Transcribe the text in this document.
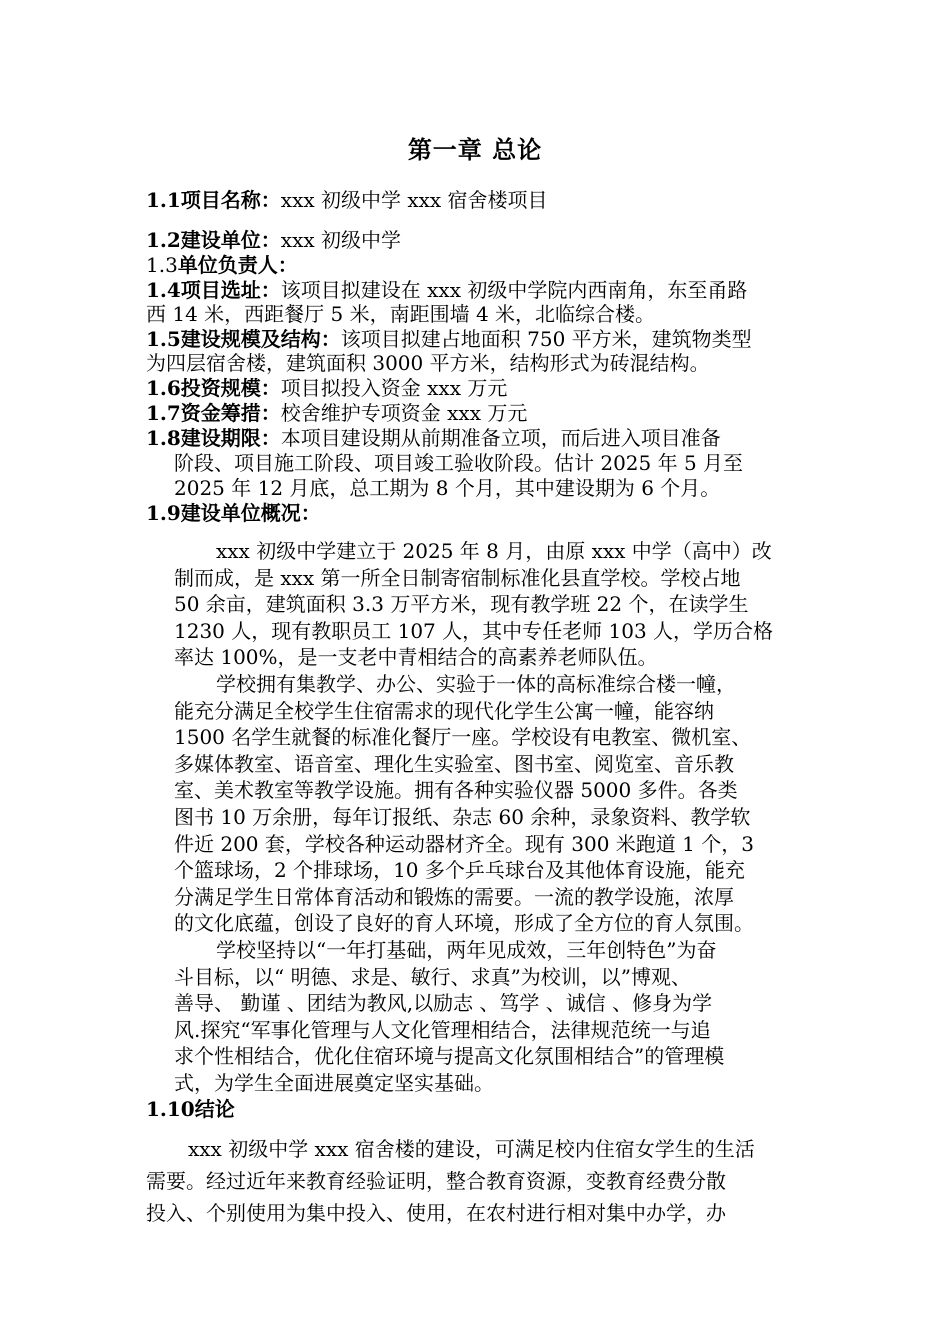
第一章 总论
1.1项目名称：xxx 初级中学 xxx 宿舍楼项目
1.2建设单位：xxx 初级中学
1.3单位负责人：
1.4项目选址：该项目拟建设在 xxx 初级中学院内西南角，东至甬路
西 14 米，西距餐厅 5 米，南距围墙 4 米，北临综合楼。
1.5建设规模及结构：该项目拟建占地面积 750 平方米，建筑物类型
为四层宿舍楼，建筑面积 3000 平方米，结构形式为砖混结构。
1.6投资规模：项目拟投入资金 xxx 万元
1.7资金筹措：校舍维护专项资金 xxx 万元
1.8建设期限：本项目建设期从前期准备立项，而后进入项目准备
阶段、项目施工阶段、项目竣工验收阶段。估计 2025 年 5 月至
2025 年 12 月底，总工期为 8 个月，其中建设期为 6 个月。
1.9建设单位概况：
xxx 初级中学建立于 2025 年 8 月，由原 xxx 中学（高中）改
制而成，是 xxx 第一所全日制寄宿制标准化县直学校。学校占地
50 余亩，建筑面积 3.3 万平方米，现有教学班 22 个，在读学生
1230 人，现有教职员工 107 人，其中专任老师 103 人，学历合格
率达 100%，是一支老中青相结合的高素养老师队伍。
学校拥有集教学、办公、实验于一体的高标准综合楼一幢，
能充分满足全校学生住宿需求的现代化学生公寓一幢，能容纳
1500 名学生就餐的标准化餐厅一座。学校设有电教室、微机室、
多媒体教室、语音室、理化生实验室、图书室、阅览室、音乐教
室、美术教室等教学设施。拥有各种实验仪器 5000 多件。各类
图书 10 万余册，每年订报纸、杂志 60 余种，录象资料、教学软
件近 200 套，学校各种运动器材齐全。现有 300 米跑道 1 个，3
个篮球场，2 个排球场，10 多个乒乓球台及其他体育设施，能充
分满足学生日常体育活动和锻炼的需要。一流的教学设施，浓厚
的文化底蕴，创设了良好的育人环境，形成了全方位的育人氛围。
学校坚持以“一年打基础，两年见成效，三年创特色”为奋
斗目标，以“ 明德、求是、敏行、求真”为校训，以”博观、
善导、 勤谨 、团结为教风,以励志 、笃学 、诚信 、修身为学
风.探究“军事化管理与人文化管理相结合，法律规范统一与追
求个性相结合，优化住宿环境与提高文化氛围相结合”的管理模
式，为学生全面进展奠定坚实基础。
1.10结论
xxx 初级中学 xxx 宿舍楼的建设，可满足校内住宿女学生的生活
需要。经过近年来教育经验证明，整合教育资源，变教育经费分散
投入、个别使用为集中投入、使用，在农村进行相对集中办学，办
